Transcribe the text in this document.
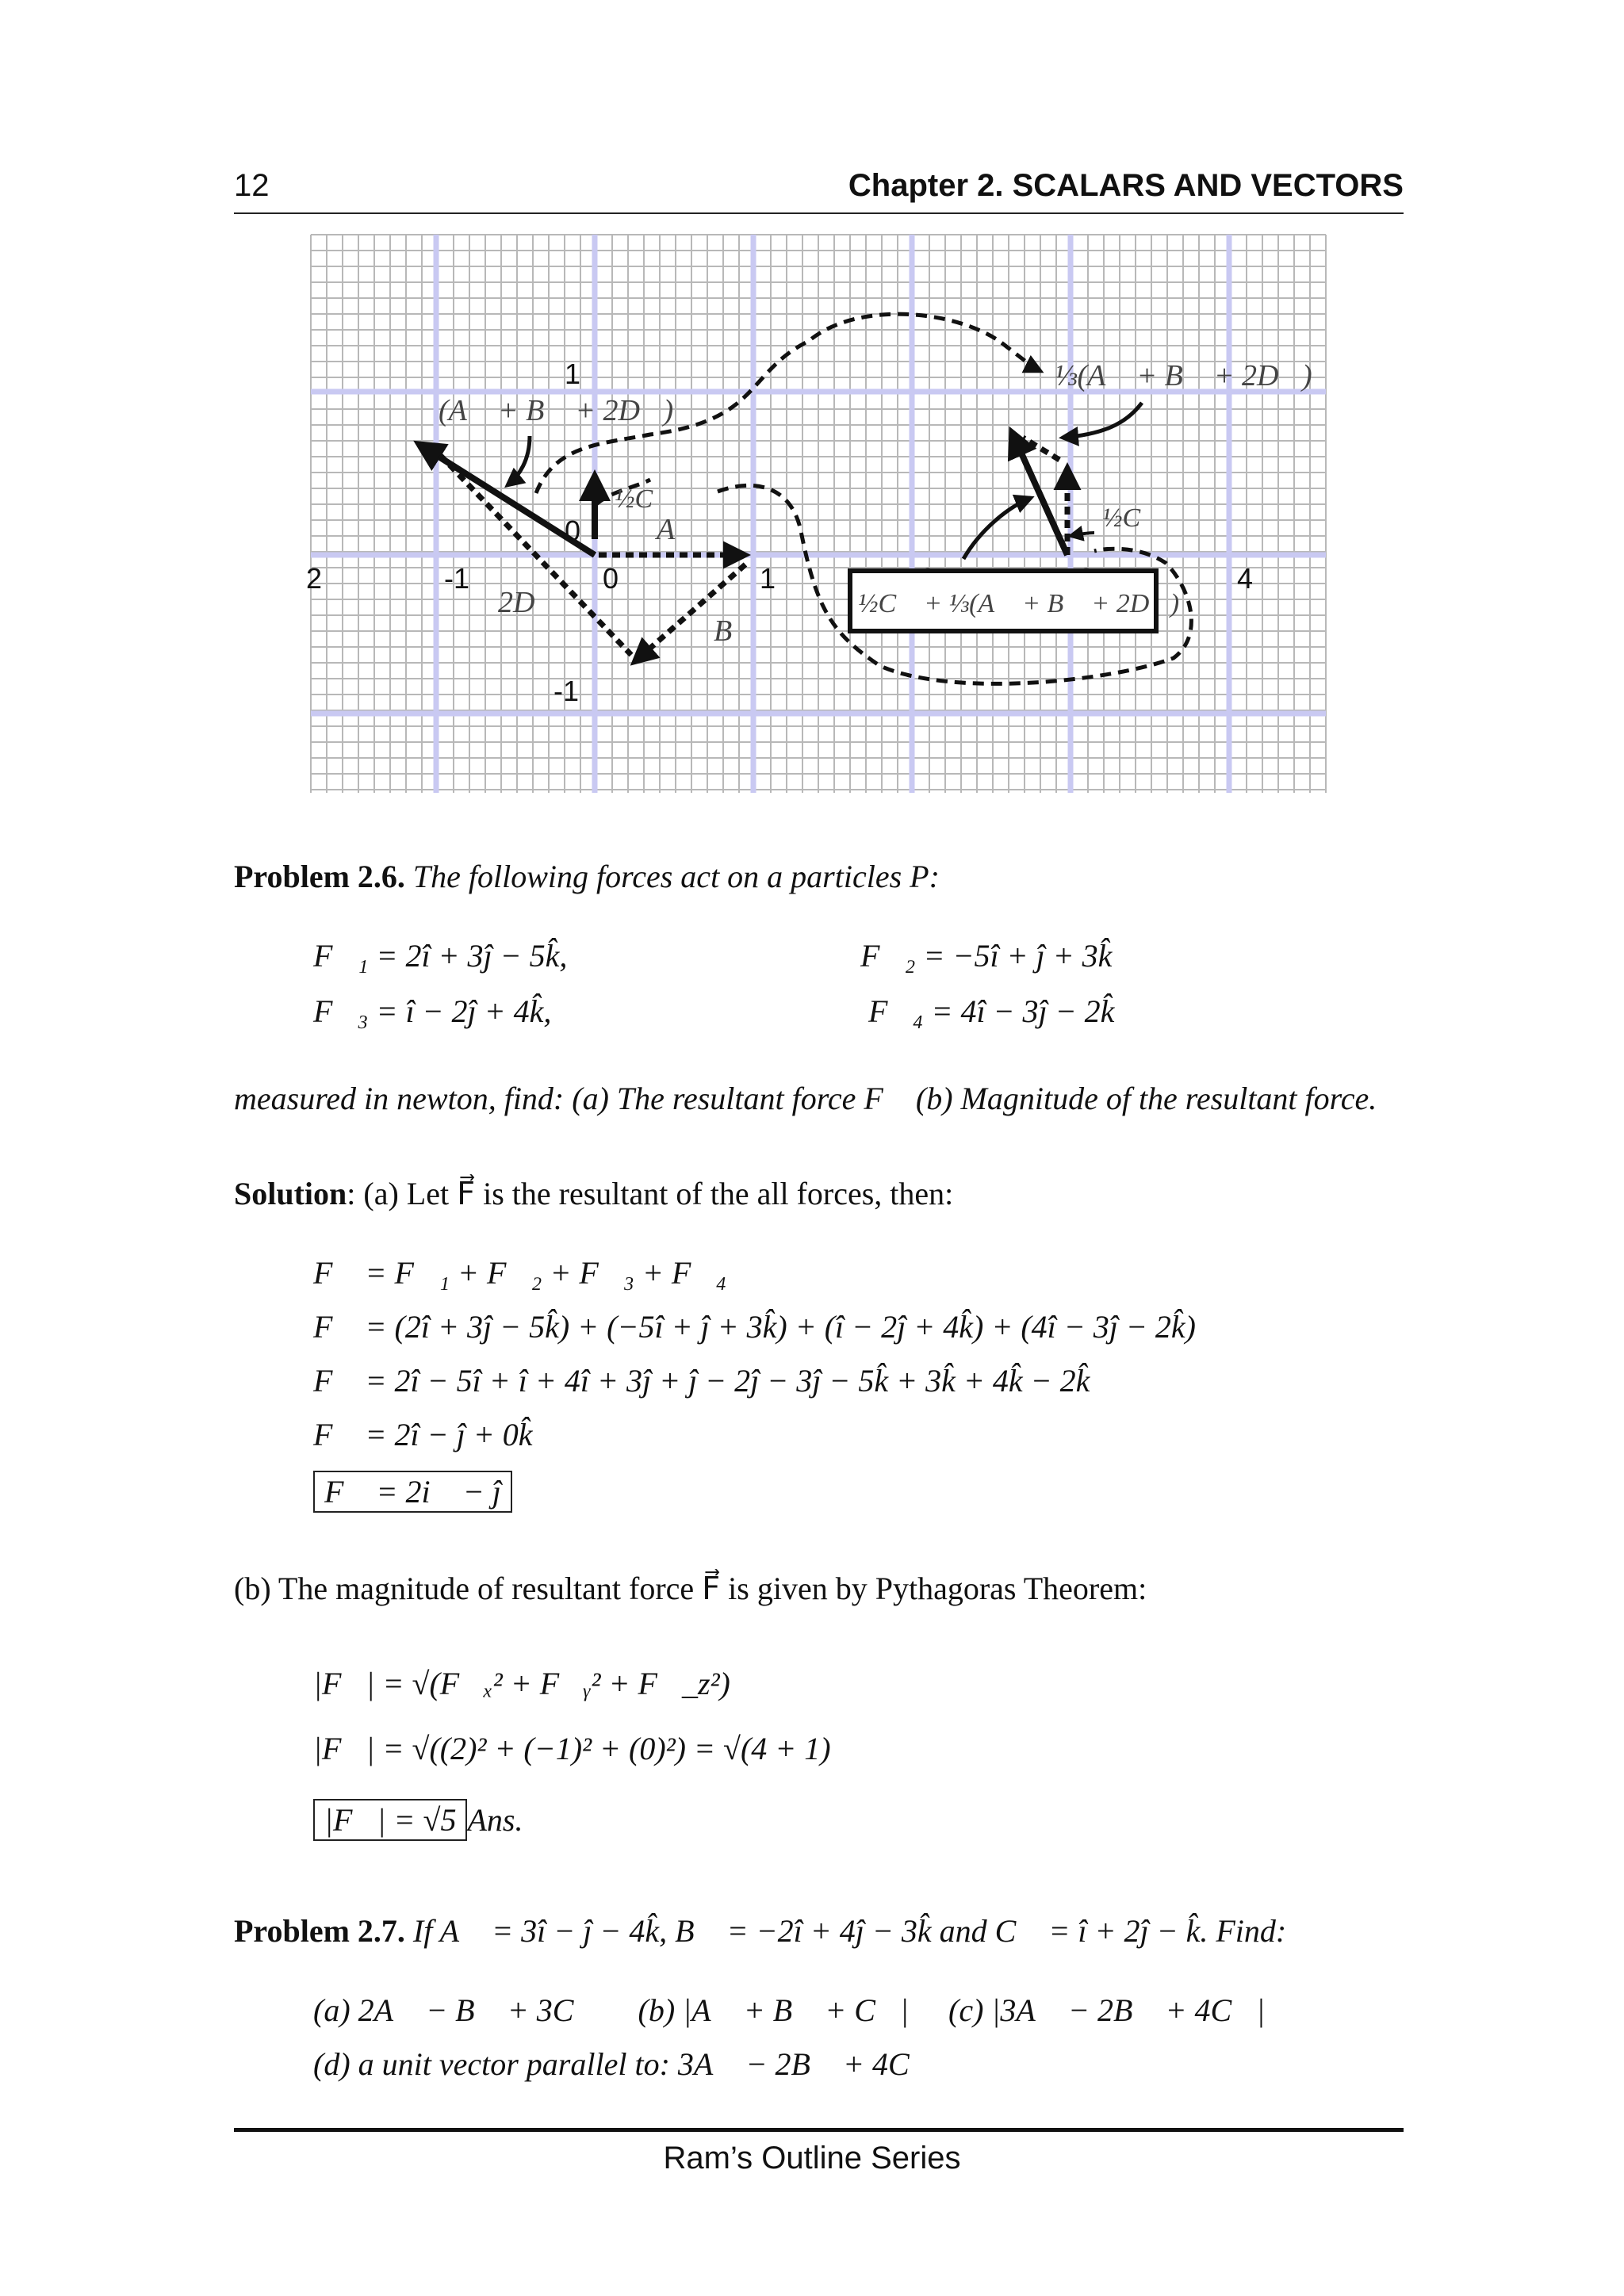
12	Chapter 2. SCALARS AND VECTORS
2	-1	0	1	4
1
0
-1
(A⃗ + B⃗ + 2D⃗)
⅓(A⃗ + B⃗ + 2D⃗)
½C⃗
½C⃗
A⃗
B⃗
2D⃗	½C⃗ + ⅓(A⃗ + B⃗ + 2D⃗)
Problem 2.6. The following forces act on a particles P:
F⃗₁ = 2î + 3ĵ − 5k̂,	F⃗₂ = −5î + ĵ + 3k̂
F⃗₃ = î − 2ĵ + 4k̂,	F⃗₄ = 4î − 3ĵ − 2k̂
measured in newton, find: (a) The resultant force F⃗ (b) Magnitude of the resultant force.
Solution: (a) Let F⃗ is the resultant of the all forces, then:
F⃗ = F⃗₁ + F⃗₂ + F⃗₃ + F⃗₄
F⃗ = (2î + 3ĵ − 5k̂) + (−5î + ĵ + 3k̂) + (î − 2ĵ + 4k̂) + (4î − 3ĵ − 2k̂)
F⃗ = 2î − 5î + î + 4î + 3ĵ + ĵ − 2ĵ − 3ĵ − 5k̂ + 3k̂ + 4k̂ − 2k̂
F⃗ = 2î − ĵ + 0k̂
F⃗ = 2i⃗ − ĵ
(b) The magnitude of resultant force F⃗ is given by Pythagoras Theorem:
|F⃗| = √(F⃗ₓ² + F⃗ᵧ² + F⃗_z²)
|F⃗| = √((2)² + (−1)² + (0)²) = √(4 + 1)
|F⃗| = √5 Ans.
Problem 2.7. If A⃗ = 3î − ĵ − 4k̂, B⃗ = −2î + 4ĵ − 3k̂ and C⃗ = î + 2ĵ − k̂. Find:
(a) 2A⃗ − B⃗ + 3C⃗ (b) |A⃗ + B⃗ + C⃗| (c) |3A⃗ − 2B⃗ + 4C⃗|
(d) a unit vector parallel to: 3A⃗ − 2B⃗ + 4C⃗
Ram’s Outline Series
